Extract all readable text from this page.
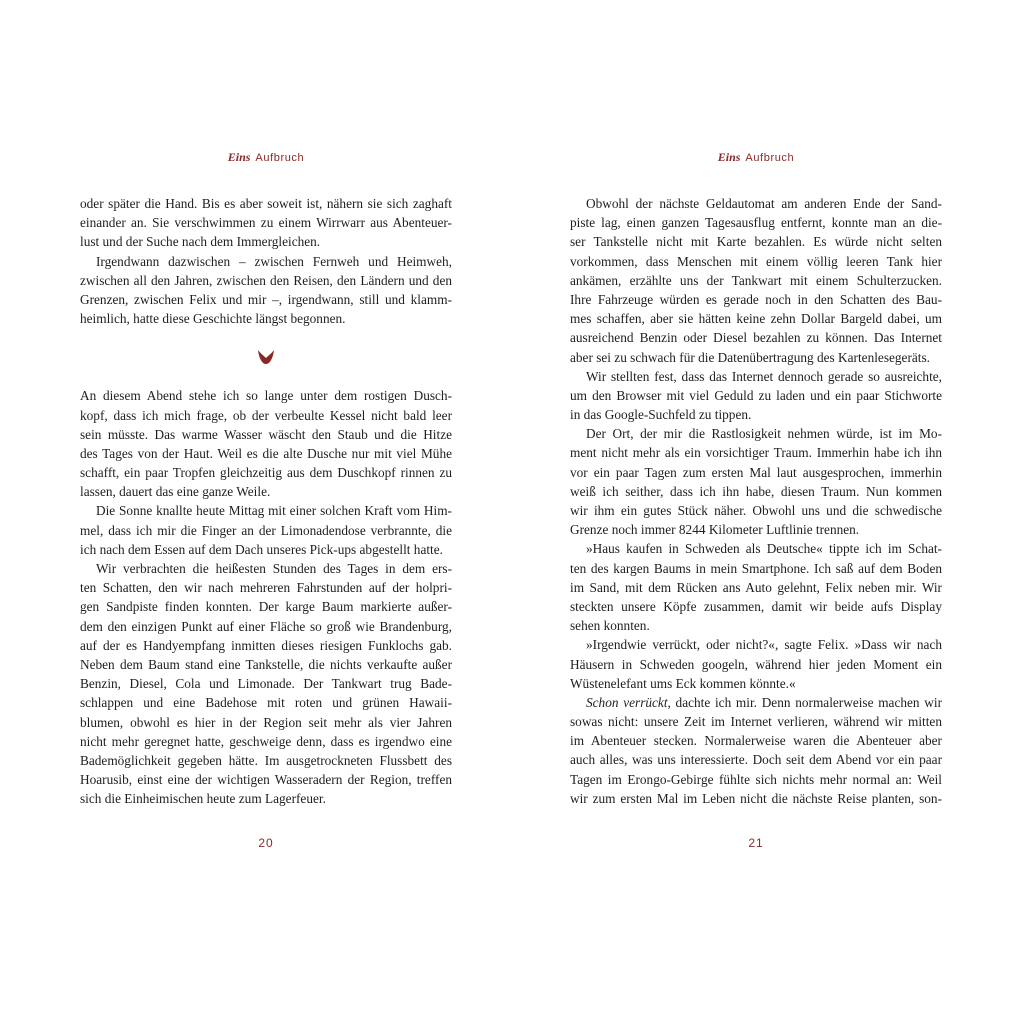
Eins Aufbruch
oder später die Hand. Bis es aber soweit ist, nähern sie sich zaghaft
einander an. Sie verschwimmen zu einem Wirrwarr aus Abenteuer-
lust und der Suche nach dem Immergleichen.
Irgendwann dazwischen – zwischen Fernweh und Heimweh,
zwischen all den Jahren, zwischen den Reisen, den Ländern und den
Grenzen, zwischen Felix und mir –, irgendwann, still und klamm-
heimlich, hatte diese Geschichte längst begonnen.
An diesem Abend stehe ich so lange unter dem rostigen Dusch-
kopf, dass ich mich frage, ob der verbeulte Kessel nicht bald leer
sein müsste. Das warme Wasser wäscht den Staub und die Hitze
des Tages von der Haut. Weil es die alte Dusche nur mit viel Mühe
schafft, ein paar Tropfen gleichzeitig aus dem Duschkopf rinnen zu
lassen, dauert das eine ganze Weile.
Die Sonne knallte heute Mittag mit einer solchen Kraft vom Him-
mel, dass ich mir die Finger an der Limonadendose verbrannte, die
ich nach dem Essen auf dem Dach unseres Pick-ups abgestellt hatte.
Wir verbrachten die heißesten Stunden des Tages in dem ers-
ten Schatten, den wir nach mehreren Fahrstunden auf der holpri-
gen Sandpiste finden konnten. Der karge Baum markierte außer-
dem den einzigen Punkt auf einer Fläche so groß wie Brandenburg,
auf der es Handyempfang inmitten dieses riesigen Funklochs gab.
Neben dem Baum stand eine Tankstelle, die nichts verkaufte außer
Benzin, Diesel, Cola und Limonade. Der Tankwart trug Bade-
schlappen und eine Badehose mit roten und grünen Hawaii-
blumen, obwohl es hier in der Region seit mehr als vier Jahren
nicht mehr geregnet hatte, geschweige denn, dass es irgendwo eine
Bademöglichkeit gegeben hätte. Im ausgetrockneten Flussbett des
Hoarusib, einst eine der wichtigen Wasseradern der Region, treffen
sich die Einheimischen heute zum Lagerfeuer.
20
Eins Aufbruch
Obwohl der nächste Geldautomat am anderen Ende der Sand-
piste lag, einen ganzen Tagesausflug entfernt, konnte man an die-
ser Tankstelle nicht mit Karte bezahlen. Es würde nicht selten
vorkommen, dass Menschen mit einem völlig leeren Tank hier
ankämen, erzählte uns der Tankwart mit einem Schulterzucken.
Ihre Fahrzeuge würden es gerade noch in den Schatten des Bau-
mes schaffen, aber sie hätten keine zehn Dollar Bargeld dabei, um
ausreichend Benzin oder Diesel bezahlen zu können. Das Internet
aber sei zu schwach für die Datenübertragung des Kartenlesegeräts.
Wir stellten fest, dass das Internet dennoch gerade so ausreichte,
um den Browser mit viel Geduld zu laden und ein paar Stichworte
in das Google-Suchfeld zu tippen.
Der Ort, der mir die Rastlosigkeit nehmen würde, ist im Mo-
ment nicht mehr als ein vorsichtiger Traum. Immerhin habe ich ihn
vor ein paar Tagen zum ersten Mal laut ausgesprochen, immerhin
weiß ich seither, dass ich ihn habe, diesen Traum. Nun kommen
wir ihm ein gutes Stück näher. Obwohl uns und die schwedische
Grenze noch immer 8244 Kilometer Luftlinie trennen.
»Haus kaufen in Schweden als Deutsche« tippte ich im Schat-
ten des kargen Baums in mein Smartphone. Ich saß auf dem Boden
im Sand, mit dem Rücken ans Auto gelehnt, Felix neben mir. Wir
steckten unsere Köpfe zusammen, damit wir beide aufs Display
sehen konnten.
»Irgendwie verrückt, oder nicht?«, sagte Felix. »Dass wir nach
Häusern in Schweden googeln, während hier jeden Moment ein
Wüstenelefant ums Eck kommen könnte.«
Schon verrückt, dachte ich mir. Denn normalerweise machen wir
sowas nicht: unsere Zeit im Internet verlieren, während wir mitten
im Abenteuer stecken. Normalerweise waren die Abenteuer aber
auch alles, was uns interessierte. Doch seit dem Abend vor ein paar
Tagen im Erongo-Gebirge fühlte sich nichts mehr normal an: Weil
wir zum ersten Mal im Leben nicht die nächste Reise planten, son-
21
